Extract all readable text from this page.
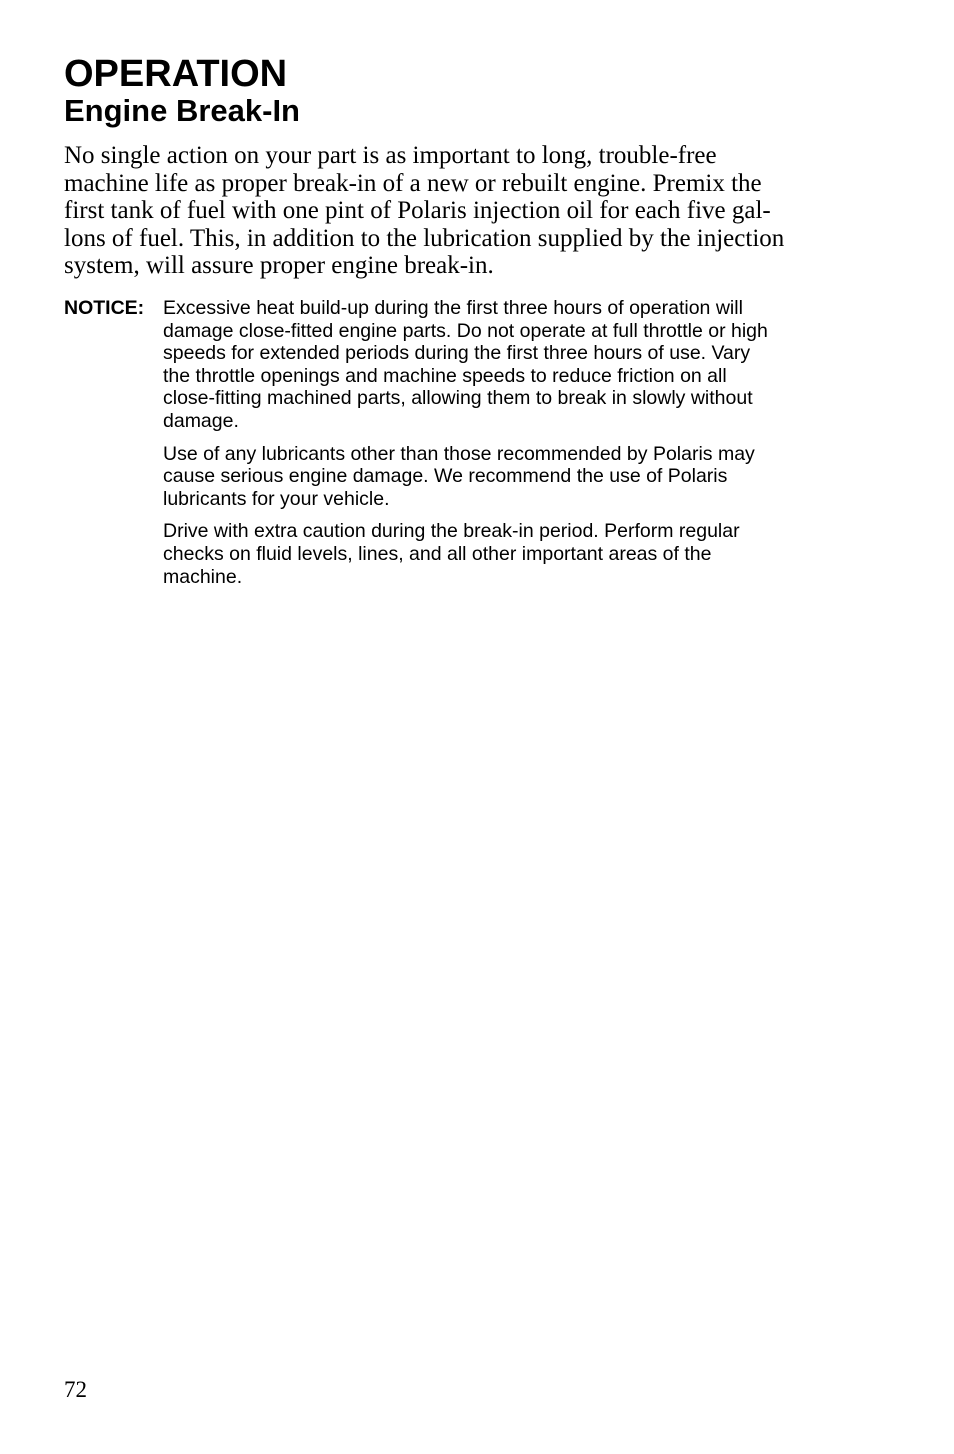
OPERATION
Engine Break-In

No single action on your part is as important to long, trouble-free
machine life as proper break-in of a new or rebuilt engine. Premix the
first tank of fuel with one pint of Polaris injection oil for each five gal-
lons of fuel. This, in addition to the lubrication supplied by the injection
system, will assure proper engine break-in.

NOTICE: Excessive heat build-up during the first three hours of operation will
damage close-fitted engine parts. Do not operate at full throttle or high
speeds for extended periods during the first three hours of use. Vary
the throttle openings and machine speeds to reduce friction on all
close-fitting machined parts, allowing them to break in slowly without
damage.

Use of any lubricants other than those recommended by Polaris may
cause serious engine damage. We recommend the use of Polaris
lubricants for your vehicle.

Drive with extra caution during the break-in period. Perform regular
checks on fluid levels, lines, and all other important areas of the
machine.

72
